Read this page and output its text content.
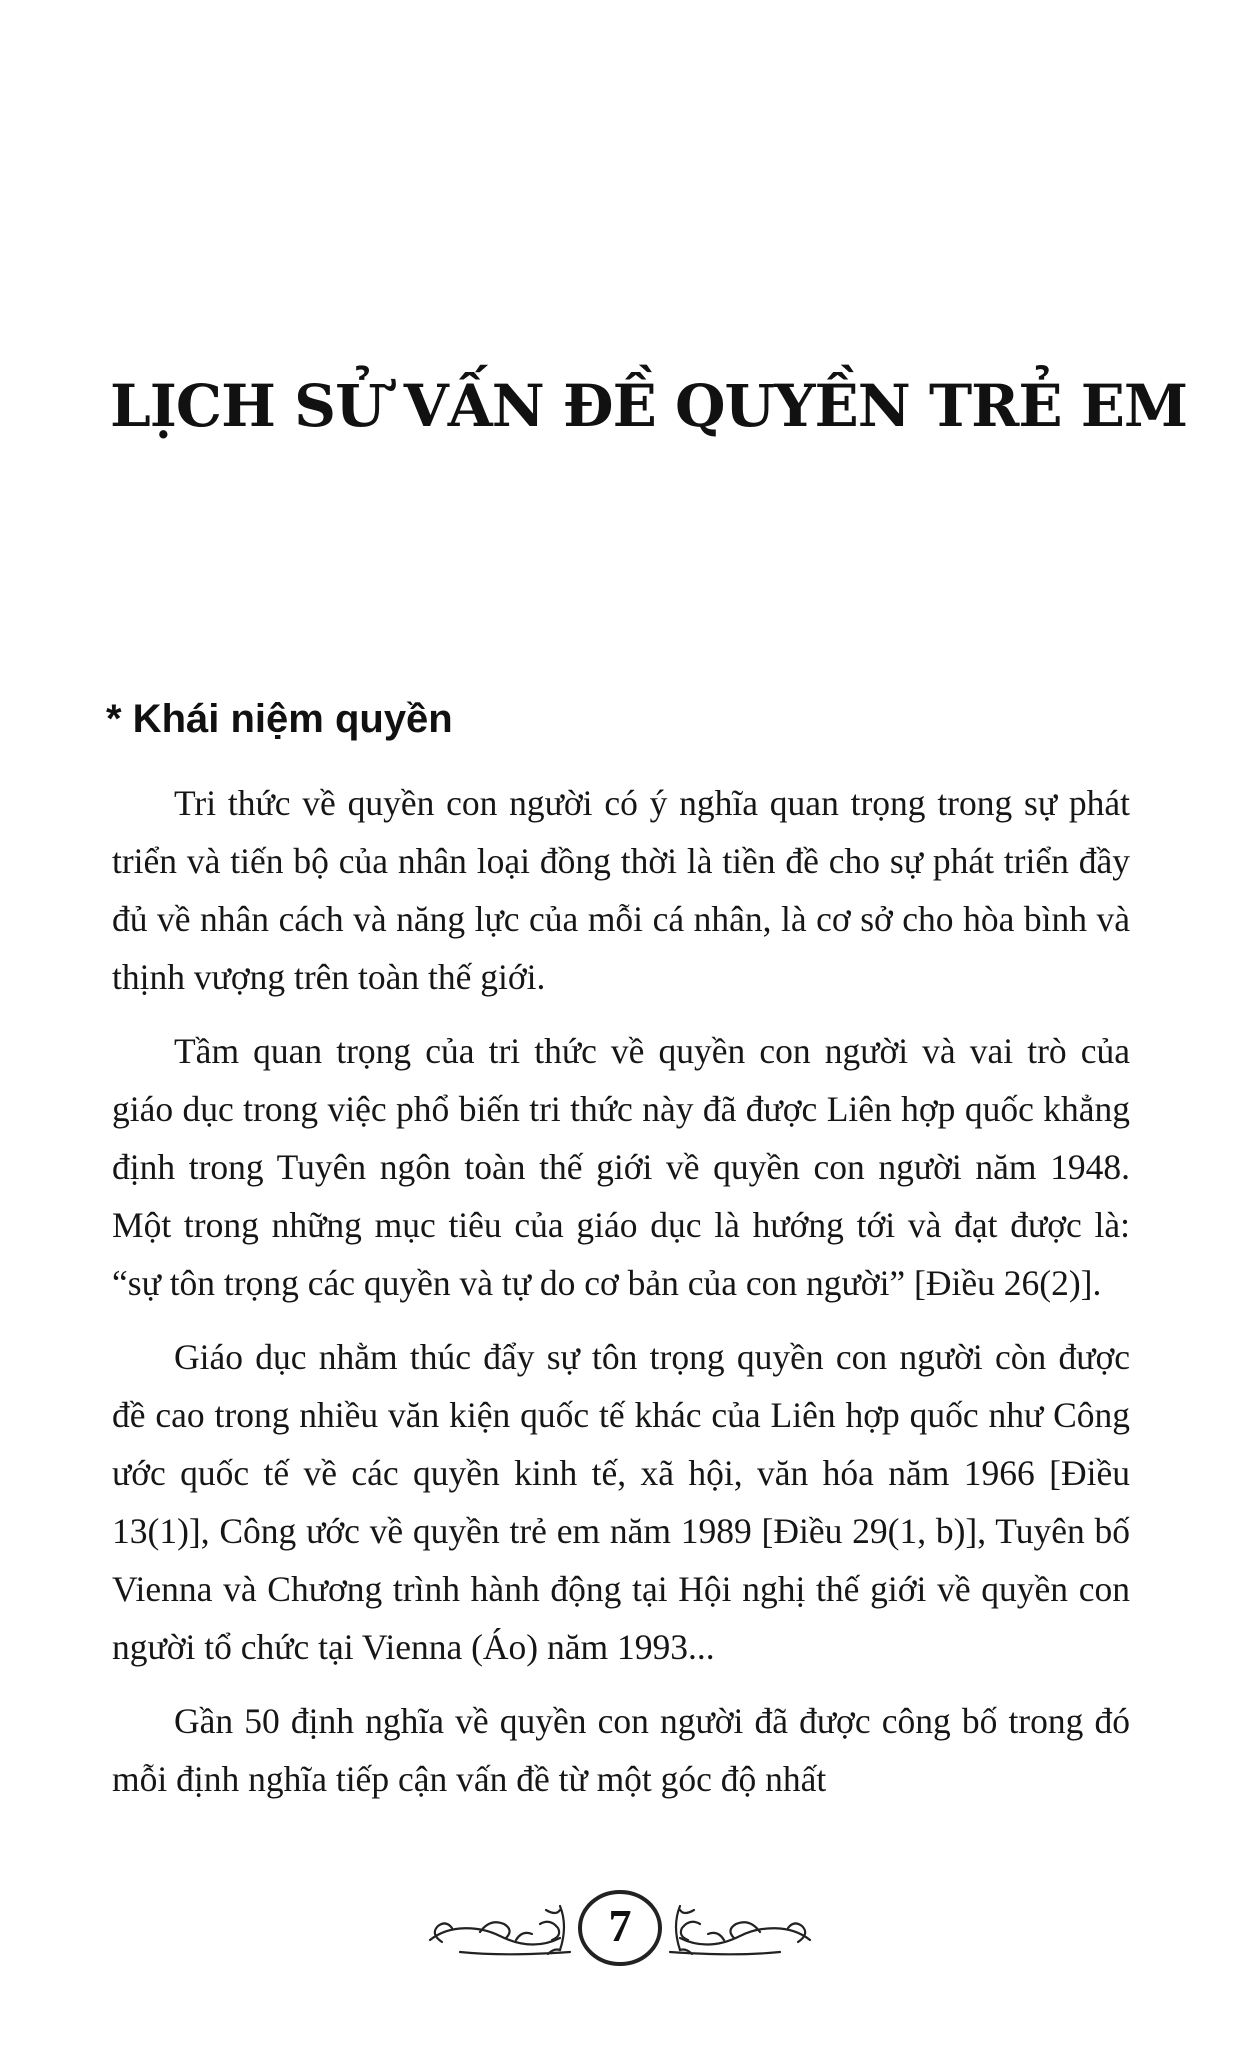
LỊCH SỬ VẤN ĐỀ QUYỀN TRẺ EM
* Khái niệm quyền

Tri thức về quyền con người có ý nghĩa quan trọng trong sự phát triển và tiến bộ của nhân loại đồng thời là tiền đề cho sự phát triển đầy đủ về nhân cách và năng lực của mỗi cá nhân, là cơ sở cho hòa bình và thịnh vượng trên toàn thế giới.

Tầm quan trọng của tri thức về quyền con người và vai trò của giáo dục trong việc phổ biến tri thức này đã được Liên hợp quốc khẳng định trong Tuyên ngôn toàn thế giới về quyền con người năm 1948. Một trong những mục tiêu của giáo dục là hướng tới và đạt được là: “sự tôn trọng các quyền và tự do cơ bản của con người” [Điều 26(2)].

Giáo dục nhằm thúc đẩy sự tôn trọng quyền con người còn được đề cao trong nhiều văn kiện quốc tế khác của Liên hợp quốc như Công ước quốc tế về các quyền kinh tế, xã hội, văn hóa năm 1966 [Điều 13(1)], Công ước về quyền trẻ em năm 1989 [Điều 29(1, b)], Tuyên bố Vienna và Chương trình hành động tại Hội nghị thế giới về quyền con người tổ chức tại Vienna (Áo) năm 1993...

Gần 50 định nghĩa về quyền con người đã được công bố trong đó mỗi định nghĩa tiếp cận vấn đề từ một góc độ nhất

7
